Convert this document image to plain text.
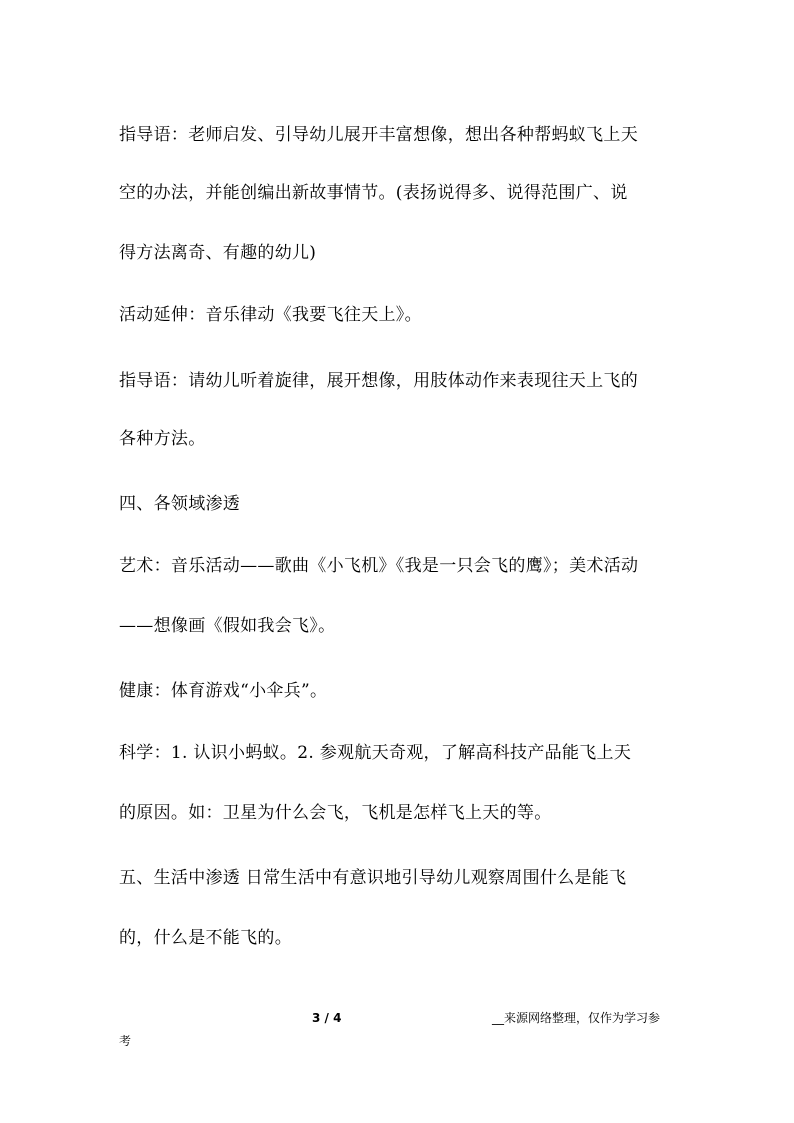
指导语：老师启发、引导幼儿展开丰富想像，想出各种帮蚂蚁飞上天
空的办法，并能创编出新故事情节。(表扬说得多、说得范围广、说
得方法离奇、有趣的幼儿)
活动延伸：音乐律动《我要飞往天上》。
指导语：请幼儿听着旋律，展开想像，用肢体动作来表现往天上飞的
各种方法。
四、各领域渗透
艺术：音乐活动——歌曲《小飞机》《我是一只会飞的鹰》；美术活动
——想像画《假如我会飞》。
健康：体育游戏“小伞兵”。
科学：1. 认识小蚂蚁。2. 参观航天奇观，了解高科技产品能飞上天
的原因。如：卫星为什么会飞，飞机是怎样飞上天的等。
五、生活中渗透 日常生活中有意识地引导幼儿观察周围什么是能飞
的，什么是不能飞的。
3 / 4	__来源网络整理，仅作为学习参
考
